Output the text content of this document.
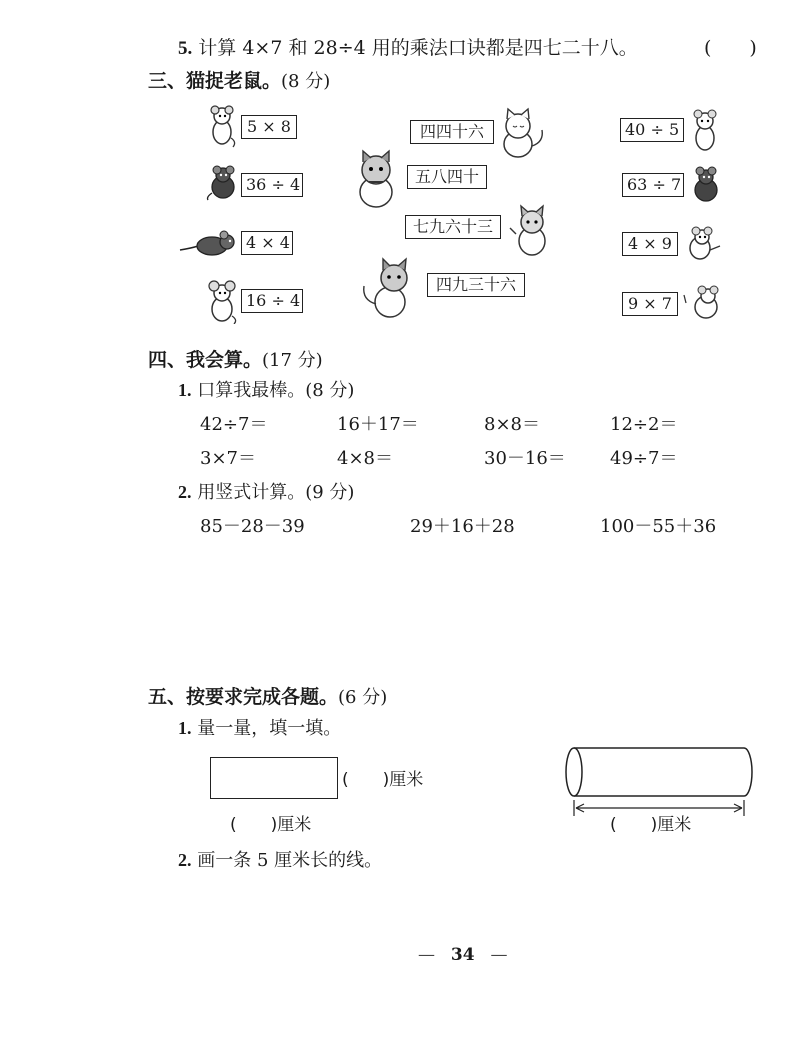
5. 计算 4×7 和 28÷4 用的乘法口诀都是四七二十八。	(　　)
三、猫捉老鼠。(8 分)
5 × 8
36 ÷ 4
4 × 4
16 ÷ 4
四四十六
五八四十
七九六十三
四九三十六
40 ÷ 5
63 ÷ 7
4 × 9
9 × 7
四、我会算。(17 分)
1. 口算我最棒。(8 分)
42÷7＝	16＋17＝	8×8＝	12÷2＝
3×7＝	4×8＝	30－16＝ 49÷7＝
2. 用竖式计算。(9 分)
85－28－39	29＋16＋28	100－55＋36
五、按要求完成各题。(6 分)
1. 量一量，填一填。
(　　)厘米
(　　)厘米	(　　)厘米
2. 画一条 5 厘米长的线。
— 34 —
